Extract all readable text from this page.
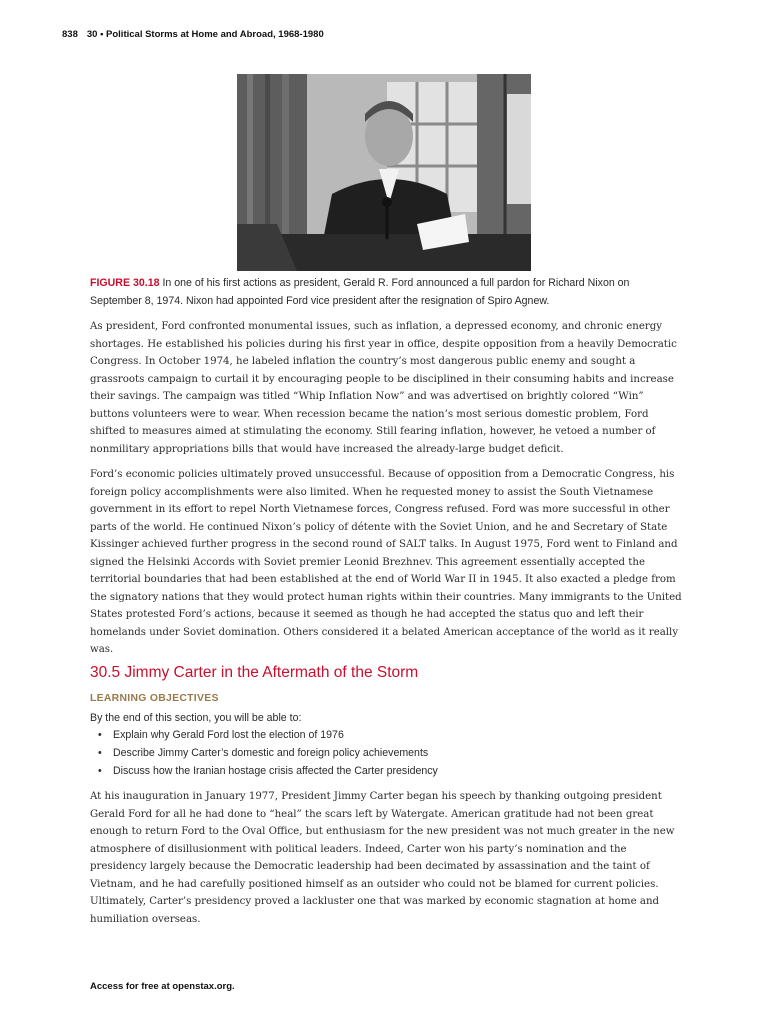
838 30 • Political Storms at Home and Abroad, 1968-1980
FIGURE 30.18 In one of his first actions as president, Gerald R. Ford announced a full pardon for Richard Nixon on September 8, 1974. Nixon had appointed Ford vice president after the resignation of Spiro Agnew.

As president, Ford confronted monumental issues, such as inflation, a depressed economy, and chronic energy shortages. He established his policies during his first year in office, despite opposition from a heavily Democratic Congress. In October 1974, he labeled inflation the country’s most dangerous public enemy and sought a grassroots campaign to curtail it by encouraging people to be disciplined in their consuming habits and increase their savings. The campaign was titled “Whip Inflation Now” and was advertised on brightly colored “Win” buttons volunteers were to wear. When recession became the nation’s most serious domestic problem, Ford shifted to measures aimed at stimulating the economy. Still fearing inflation, however, he vetoed a number of nonmilitary appropriations bills that would have increased the already-large budget deficit.

Ford’s economic policies ultimately proved unsuccessful. Because of opposition from a Democratic Congress, his foreign policy accomplishments were also limited. When he requested money to assist the South Vietnamese government in its effort to repel North Vietnamese forces, Congress refused. Ford was more successful in other parts of the world. He continued Nixon’s policy of détente with the Soviet Union, and he and Secretary of State Kissinger achieved further progress in the second round of SALT talks. In August 1975, Ford went to Finland and signed the Helsinki Accords with Soviet premier Leonid Brezhnev. This agreement essentially accepted the territorial boundaries that had been established at the end of World War II in 1945. It also exacted a pledge from the signatory nations that they would protect human rights within their countries. Many immigrants to the United States protested Ford’s actions, because it seemed as though he had accepted the status quo and left their homelands under Soviet domination. Others considered it a belated American acceptance of the world as it really was.

30.5 Jimmy Carter in the Aftermath of the Storm
LEARNING OBJECTIVES
By the end of this section, you will be able to:
• Explain why Gerald Ford lost the election of 1976
• Describe Jimmy Carter’s domestic and foreign policy achievements
• Discuss how the Iranian hostage crisis affected the Carter presidency

At his inauguration in January 1977, President Jimmy Carter began his speech by thanking outgoing president Gerald Ford for all he had done to “heal” the scars left by Watergate. American gratitude had not been great enough to return Ford to the Oval Office, but enthusiasm for the new president was not much greater in the new atmosphere of disillusionment with political leaders. Indeed, Carter won his party’s nomination and the presidency largely because the Democratic leadership had been decimated by assassination and the taint of Vietnam, and he had carefully positioned himself as an outsider who could not be blamed for current policies. Ultimately, Carter’s presidency proved a lackluster one that was marked by economic stagnation at home and humiliation overseas.

Access for free at openstax.org.
